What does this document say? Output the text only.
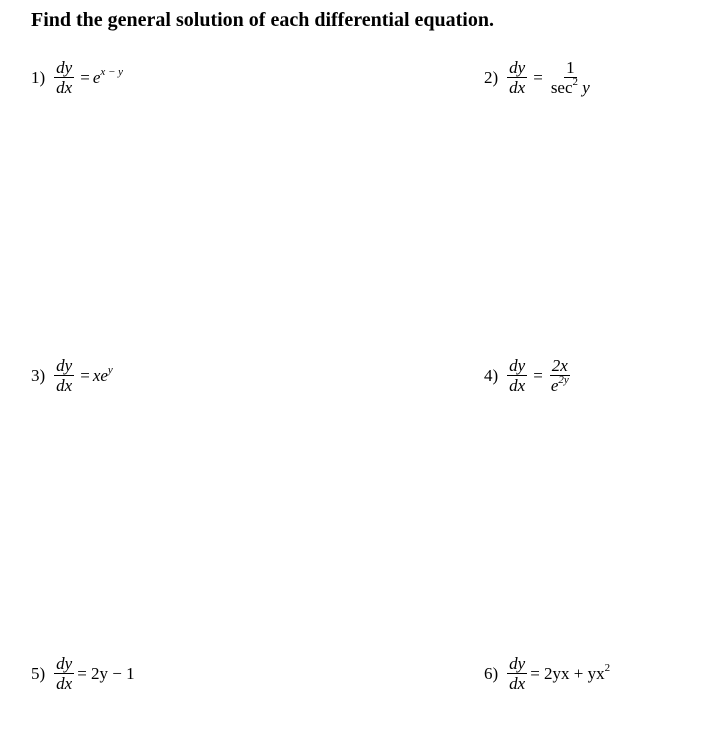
Find the general solution of each differential equation.
$1) \frac{dy}{dx} = e^{x - y}$	$2) \frac{dy}{dx} = \frac{1}{\sec^2 y}$
$3) \frac{dy}{dx} = xe^y$	$4) \frac{dy}{dx} = \frac{2x}{e^{2y}}$
$5) \frac{dy}{dx} = 2y - 1$	$6) \frac{dy}{dx} = 2yx + yx^2$
